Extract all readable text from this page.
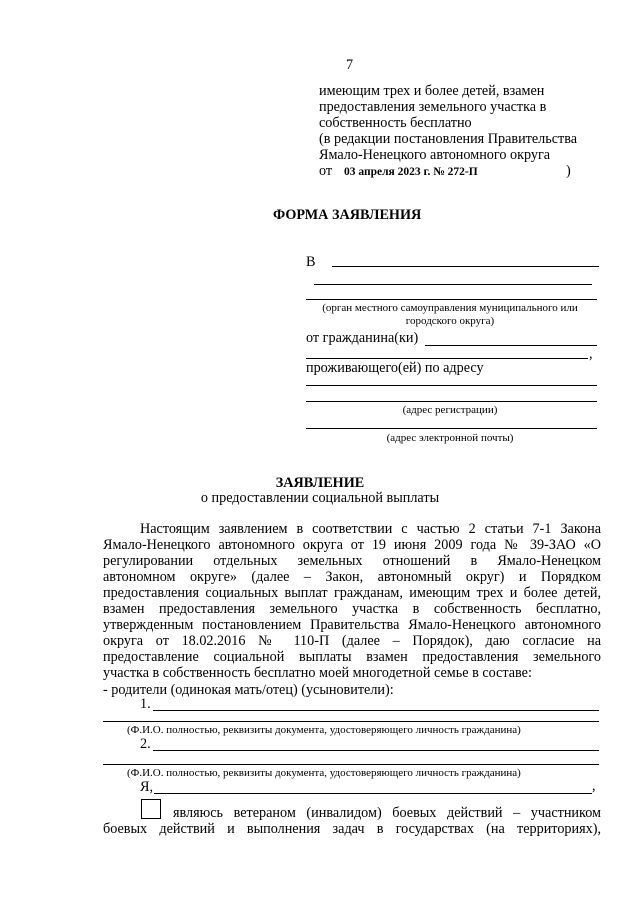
7
имеющим трех и более детей, взамен
предоставления земельного участка в
собственность бесплатно
(в редакции постановления Правительства
Ямало-Ненецкого автономного округа
от 03 апреля 2023 г. № 272-П	)
ФОРМА ЗАЯВЛЕНИЯ
В
(орган местного самоуправления муниципального или
городского округа)
от гражданина(ки)
,
проживающего(ей) по адресу
(адрес регистрации)
(адрес электронной почты)
ЗАЯВЛЕНИЕ
о предоставлении социальной выплаты
Настоящим заявлением в соответствии с частью 2 статьи 7-1 Закона
Ямало-Ненецкого автономного округа от 19 июня 2009 года № 39-ЗАО «О
регулировании отдельных земельных отношений в Ямало-Ненецком
автономном округе» (далее – Закон, автономный округ) и Порядком
предоставления социальных выплат гражданам, имеющим трех и более детей,
взамен предоставления земельного участка в собственность бесплатно,
утвержденным постановлением Правительства Ямало-Ненецкого автономного
округа от 18.02.2016 № 110-П (далее – Порядок), даю согласие на
предоставление социальной выплаты взамен предоставления земельного
участка в собственность бесплатно моей многодетной семье в составе:
- родители (одинокая мать/отец) (усыновители):
1.
(Ф.И.О. полностью, реквизиты документа, удостоверяющего личность гражданина)
2.
(Ф.И.О. полностью, реквизиты документа, удостоверяющего личность гражданина)
Я,	,
являюсь ветераном (инвалидом) боевых действий – участником
боевых действий и выполнения задач в государствах (на территориях),
